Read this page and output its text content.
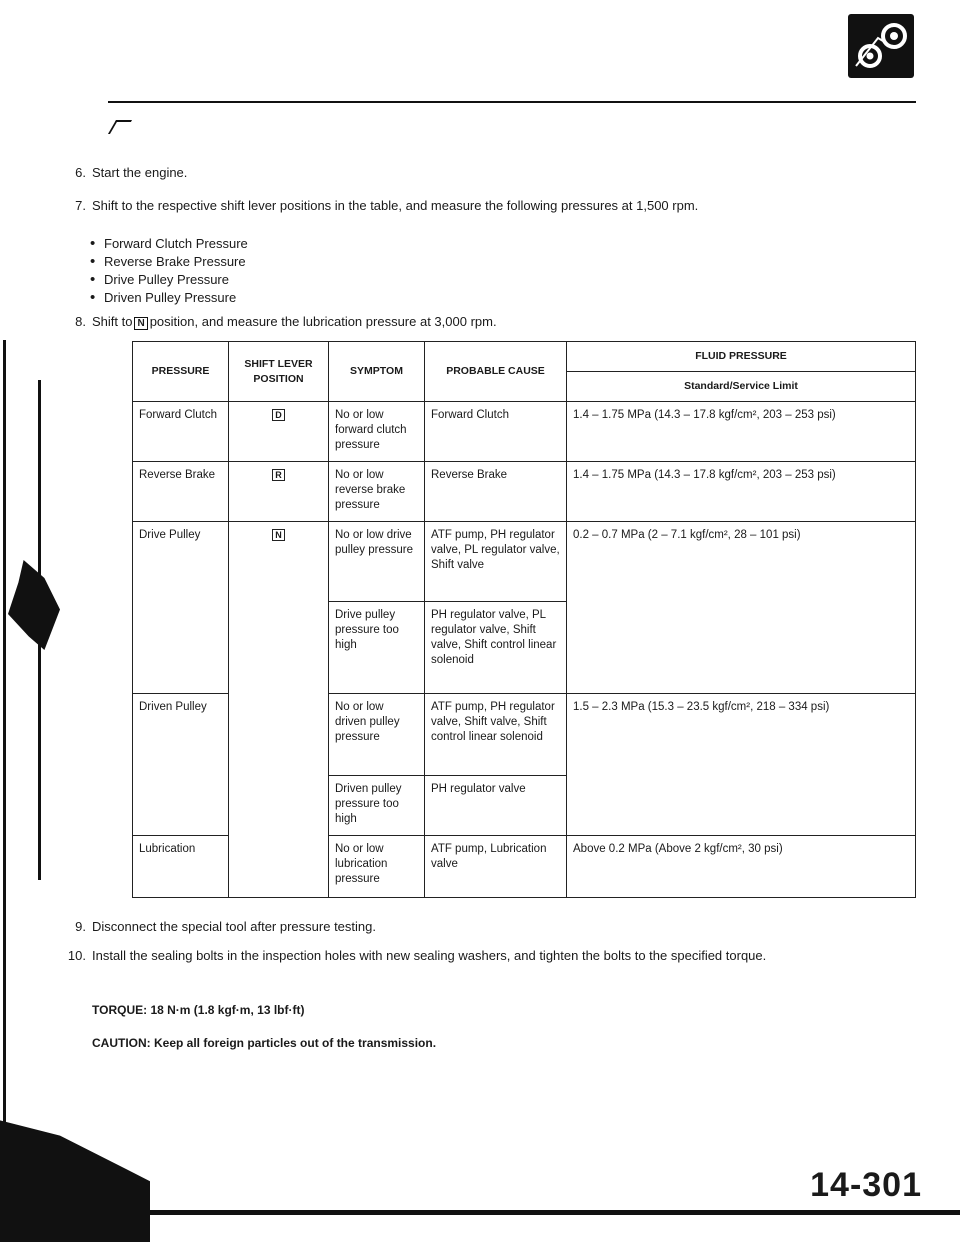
6. Start the engine.
7. Shift to the respective shift lever positions in the table, and measure the following pressures at 1,500 rpm.
• Forward Clutch Pressure
• Reverse Brake Pressure
• Drive Pulley Pressure
• Driven Pulley Pressure
8. Shift to N position, and measure the lubrication pressure at 3,000 rpm.
PRESSURE	SHIFT LEVER POSITION	SYMPTOM	PROBABLE CAUSE	FLUID PRESSURE
				Standard/Service Limit
Forward Clutch	D	No or low forward clutch pressure	Forward Clutch	1.4 – 1.75 MPa (14.3 – 17.8 kgf/cm², 203 – 253 psi)
Reverse Brake	R	No or low reverse brake pressure	Reverse Brake	1.4 – 1.75 MPa (14.3 – 17.8 kgf/cm², 203 – 253 psi)
Drive Pulley	N	No or low drive pulley pressure	ATF pump, PH regulator valve, PL regulator valve, Shift valve	0.2 – 0.7 MPa (2 – 7.1 kgf/cm², 28 – 101 psi)
		Drive pulley pressure too high	PH regulator valve, PL regulator valve, Shift valve, Shift control linear solenoid	
Driven Pulley		No or low driven pulley pressure	ATF pump, PH regulator valve, Shift valve, Shift control linear solenoid	1.5 – 2.3 MPa (15.3 – 23.5 kgf/cm², 218 – 334 psi)
		Driven pulley pressure too high	PH regulator valve	
Lubrication		No or low lubrication pressure	ATF pump, Lubrication valve	Above 0.2 MPa (Above 2 kgf/cm², 30 psi)
9. Disconnect the special tool after pressure testing.
10. Install the sealing bolts in the inspection holes with new sealing washers, and tighten the bolts to the specified torque.
TORQUE: 18 N·m (1.8 kgf·m, 13 lbf·ft)
CAUTION: Keep all foreign particles out of the transmission.
14-301
